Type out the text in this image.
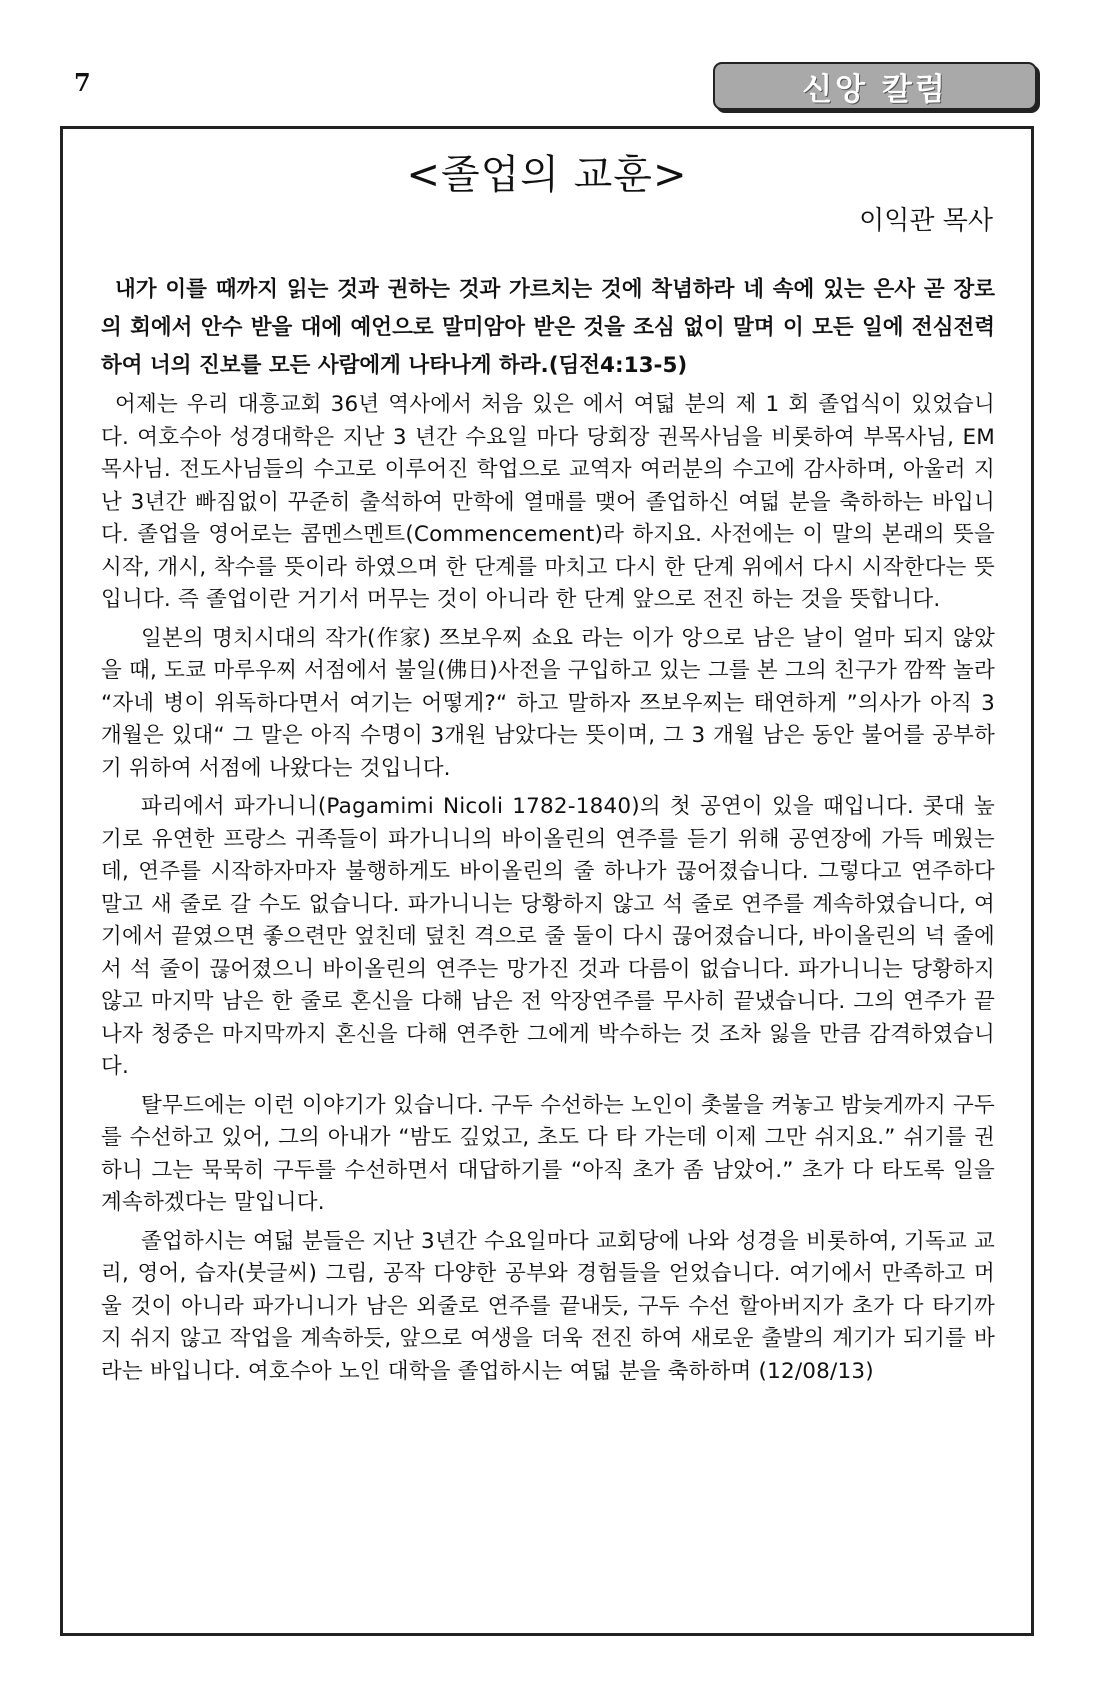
7	신앙 칼럼
<졸업의 교훈>
이익관 목사

내가 이를 때까지 읽는 것과 권하는 것과 가르치는 것에 착념하라 네 속에 있는 은사 곧 장로의 회에서 안수 받을 대에 예언으로 말미암아 받은 것을 조심 없이 말며 이 모든 일에 전심전력하여 너의 진보를 모든 사람에게 나타나게 하라.(딤전4:13-5)

어제는 우리 대흥교회 36년 역사에서 처음 있은 에서 여덟 분의 제 1 회 졸업식이 있었습니다. 여호수아 성경대학은 지난 3 년간 수요일 마다 당회장 권목사님을 비롯하여 부목사님, EM 목사님. 전도사님들의 수고로 이루어진 학업으로 교역자 여러분의 수고에 감사하며, 아울러 지난 3년간 빠짐없이 꾸준히 출석하여 만학에 열매를 맺어 졸업하신 여덟 분을 축하하는 바입니다. 졸업을 영어로는 콤멘스멘트(Commencement)라 하지요. 사전에는 이 말의 본래의 뜻을 시작, 개시, 착수를 뜻이라 하였으며 한 단계를 마치고 다시 한 단계 위에서 다시 시작한다는 뜻입니다. 즉 졸업이란 거기서 머무는 것이 아니라 한 단계 앞으로 전진 하는 것을 뜻합니다.

일본의 명치시대의 작가(作家) 쯔보우찌 쇼요 라는 이가 앙으로 남은 날이 얼마 되지 않았을 때, 도쿄 마루우찌 서점에서 불일(佛日)사전을 구입하고 있는 그를 본 그의 친구가 깜짝 놀라 “자네 병이 위독하다면서 여기는 어떻게?“ 하고 말하자 쯔보우찌는 태연하게 ”의사가 아직 3 개월은 있대“ 그 말은 아직 수명이 3개원 남았다는 뜻이며, 그 3 개월 남은 동안 불어를 공부하기 위하여 서점에 나왔다는 것입니다.

파리에서 파가니니(Pagamimi Nicoli 1782-1840)의 첫 공연이 있을 때입니다. 콧대 높기로 유연한 프랑스 귀족들이 파가니니의 바이올린의 연주를 듣기 위해 공연장에 가득 메웠는데, 연주를 시작하자마자 불행하게도 바이올린의 줄 하나가 끊어졌습니다. 그렇다고 연주하다 말고 새 줄로 갈 수도 없습니다. 파가니니는 당황하지 않고 석 줄로 연주를 계속하였습니다, 여기에서 끝였으면 좋으련만 엎친데 덮친 격으로 줄 둘이 다시 끊어졌습니다, 바이올린의 넉 줄에서 석 줄이 끊어졌으니 바이올린의 연주는 망가진 것과 다름이 없습니다. 파가니니는 당황하지 않고 마지막 남은 한 줄로 혼신을 다해 남은 전 악장연주를 무사히 끝냈습니다. 그의 연주가 끝나자 청중은 마지막까지 혼신을 다해 연주한 그에게 박수하는 것 조차 잃을 만큼 감격하였습니다.

탈무드에는 이런 이야기가 있습니다. 구두 수선하는 노인이 촛불을 켜놓고 밤늦게까지 구두를 수선하고 있어, 그의 아내가 “밤도 깊었고, 초도 다 타 가는데 이제 그만 쉬지요.” 쉬기를 권하니 그는 묵묵히 구두를 수선하면서 대답하기를 “아직 초가 좀 남았어.” 초가 다 타도록 일을 계속하겠다는 말입니다.

졸업하시는 여덟 분들은 지난 3년간 수요일마다 교회당에 나와 성경을 비롯하여, 기독교 교리, 영어, 습자(붓글씨) 그림, 공작 다양한 공부와 경험들을 얻었습니다. 여기에서 만족하고 머울 것이 아니라 파가니니가 남은 외줄로 연주를 끝내듯, 구두 수선 할아버지가 초가 다 타기까지 쉬지 않고 작업을 계속하듯, 앞으로 여생을 더욱 전진 하여 새로운 출발의 계기가 되기를 바라는 바입니다. 여호수아 노인 대학을 졸업하시는 여덟 분을 축하하며 (12/08/13)
